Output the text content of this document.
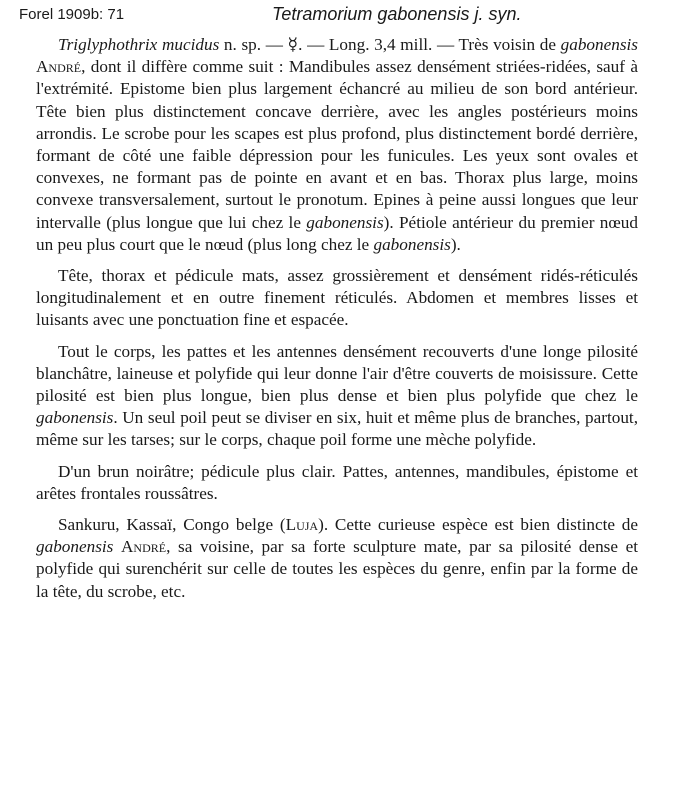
Forel 1909b: 71	Tetramorium gabonensis j. syn.

Triglyphothrix mucidus n. sp. — ☿. — Long. 3,4 mill. — Très voisin de gabonensis André, dont il diffère comme suit : Mandibules assez densément striées-ridées, sauf à l'extrémité. Epistome bien plus largement échancré au milieu de son bord antérieur. Tête bien plus distinctement concave derrière, avec les angles postérieurs moins arrondis. Le scrobe pour les scapes est plus profond, plus distinctement bordé derrière, formant de côté une faible dépression pour les funicules. Les yeux sont ovales et convexes, ne formant pas de pointe en avant et en bas. Thorax plus large, moins convexe transversalement, surtout le pronotum. Epines à peine aussi longues que leur intervalle (plus longue que lui chez le gabonensis). Pétiole antérieur du premier nœud un peu plus court que le nœud (plus long chez le gabonensis).

Tête, thorax et pédicule mats, assez grossièrement et densément ridés-réticulés longitudinalement et en outre finement réticulés. Abdomen et membres lisses et luisants avec une ponctuation fine et espacée.

Tout le corps, les pattes et les antennes densément recouverts d'une longe pilosité blanchâtre, laineuse et polyfide qui leur donne l'air d'être couverts de moisissure. Cette pilosité est bien plus longue, bien plus dense et bien plus polyfide que chez le gabonensis. Un seul poil peut se diviser en six, huit et même plus de branches, partout, même sur les tarses; sur le corps, chaque poil forme une mèche polyfide.

D'un brun noirâtre; pédicule plus clair. Pattes, antennes, mandibules, épistome et arêtes frontales roussâtres.

Sankuru, Kassaï, Congo belge (Luja). Cette curieuse espèce est bien distincte de gabonensis André, sa voisine, par sa forte sculpture mate, par sa pilosité dense et polyfide qui surenchérit sur celle de toutes les espèces du genre, enfin par la forme de la tête, du scrobe, etc.
